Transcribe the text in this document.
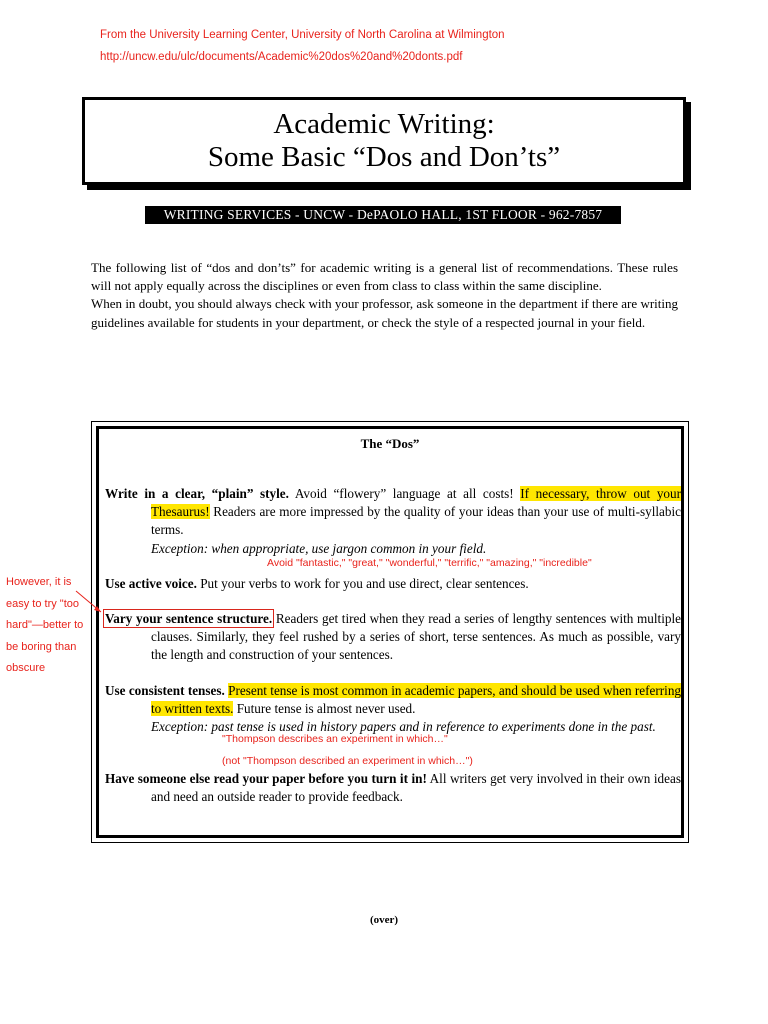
From the University Learning Center, University of North Carolina at Wilmington
http://uncw.edu/ulc/documents/Academic%20dos%20and%20donts.pdf
Academic Writing:
Some Basic “Dos and Don’ts”
WRITING SERVICES - UNCW - DePAOLO HALL, 1ST FLOOR - 962-7857

The following list of “dos and don’ts” for academic writing is a general list of recommendations. These rules will not apply equally across the disciplines or even from class to class within the same discipline.

When in doubt, you should always check with your professor, ask someone in the department if there are writing guidelines available for students in your department, or check the style of a respected journal in your field.

The “Dos”

Write in a clear, “plain” style. Avoid “flowery” language at all costs! If necessary, throw out your Thesaurus! Readers are more impressed by the quality of your ideas than your use of multi-syllabic terms.

Exception: when appropriate, use jargon common in your field.

Use active voice. Put your verbs to work for you and use direct, clear sentences.

Vary your sentence structure. Readers get tired when they read a series of lengthy sentences with multiple clauses. Similarly, they feel rushed by a series of short, terse sentences. As much as possible, vary the length and construction of your sentences.

Use consistent tenses. Present tense is most common in academic papers, and should be used when referring to written texts. Future tense is almost never used.

Exception: past tense is used in history papers and in reference to experiments done in the past.

Have someone else read your paper before you turn it in! All writers get very involved in their own ideas and need an outside reader to provide feedback.

Avoid "fantastic," "great," "wonderful," "terrific," "amazing," "incredible"
"Thompson describes an experiment in which…"
(not "Thompson described an experiment in which…")
However, it is easy to try "too hard"—better to be boring than obscure
(over)
